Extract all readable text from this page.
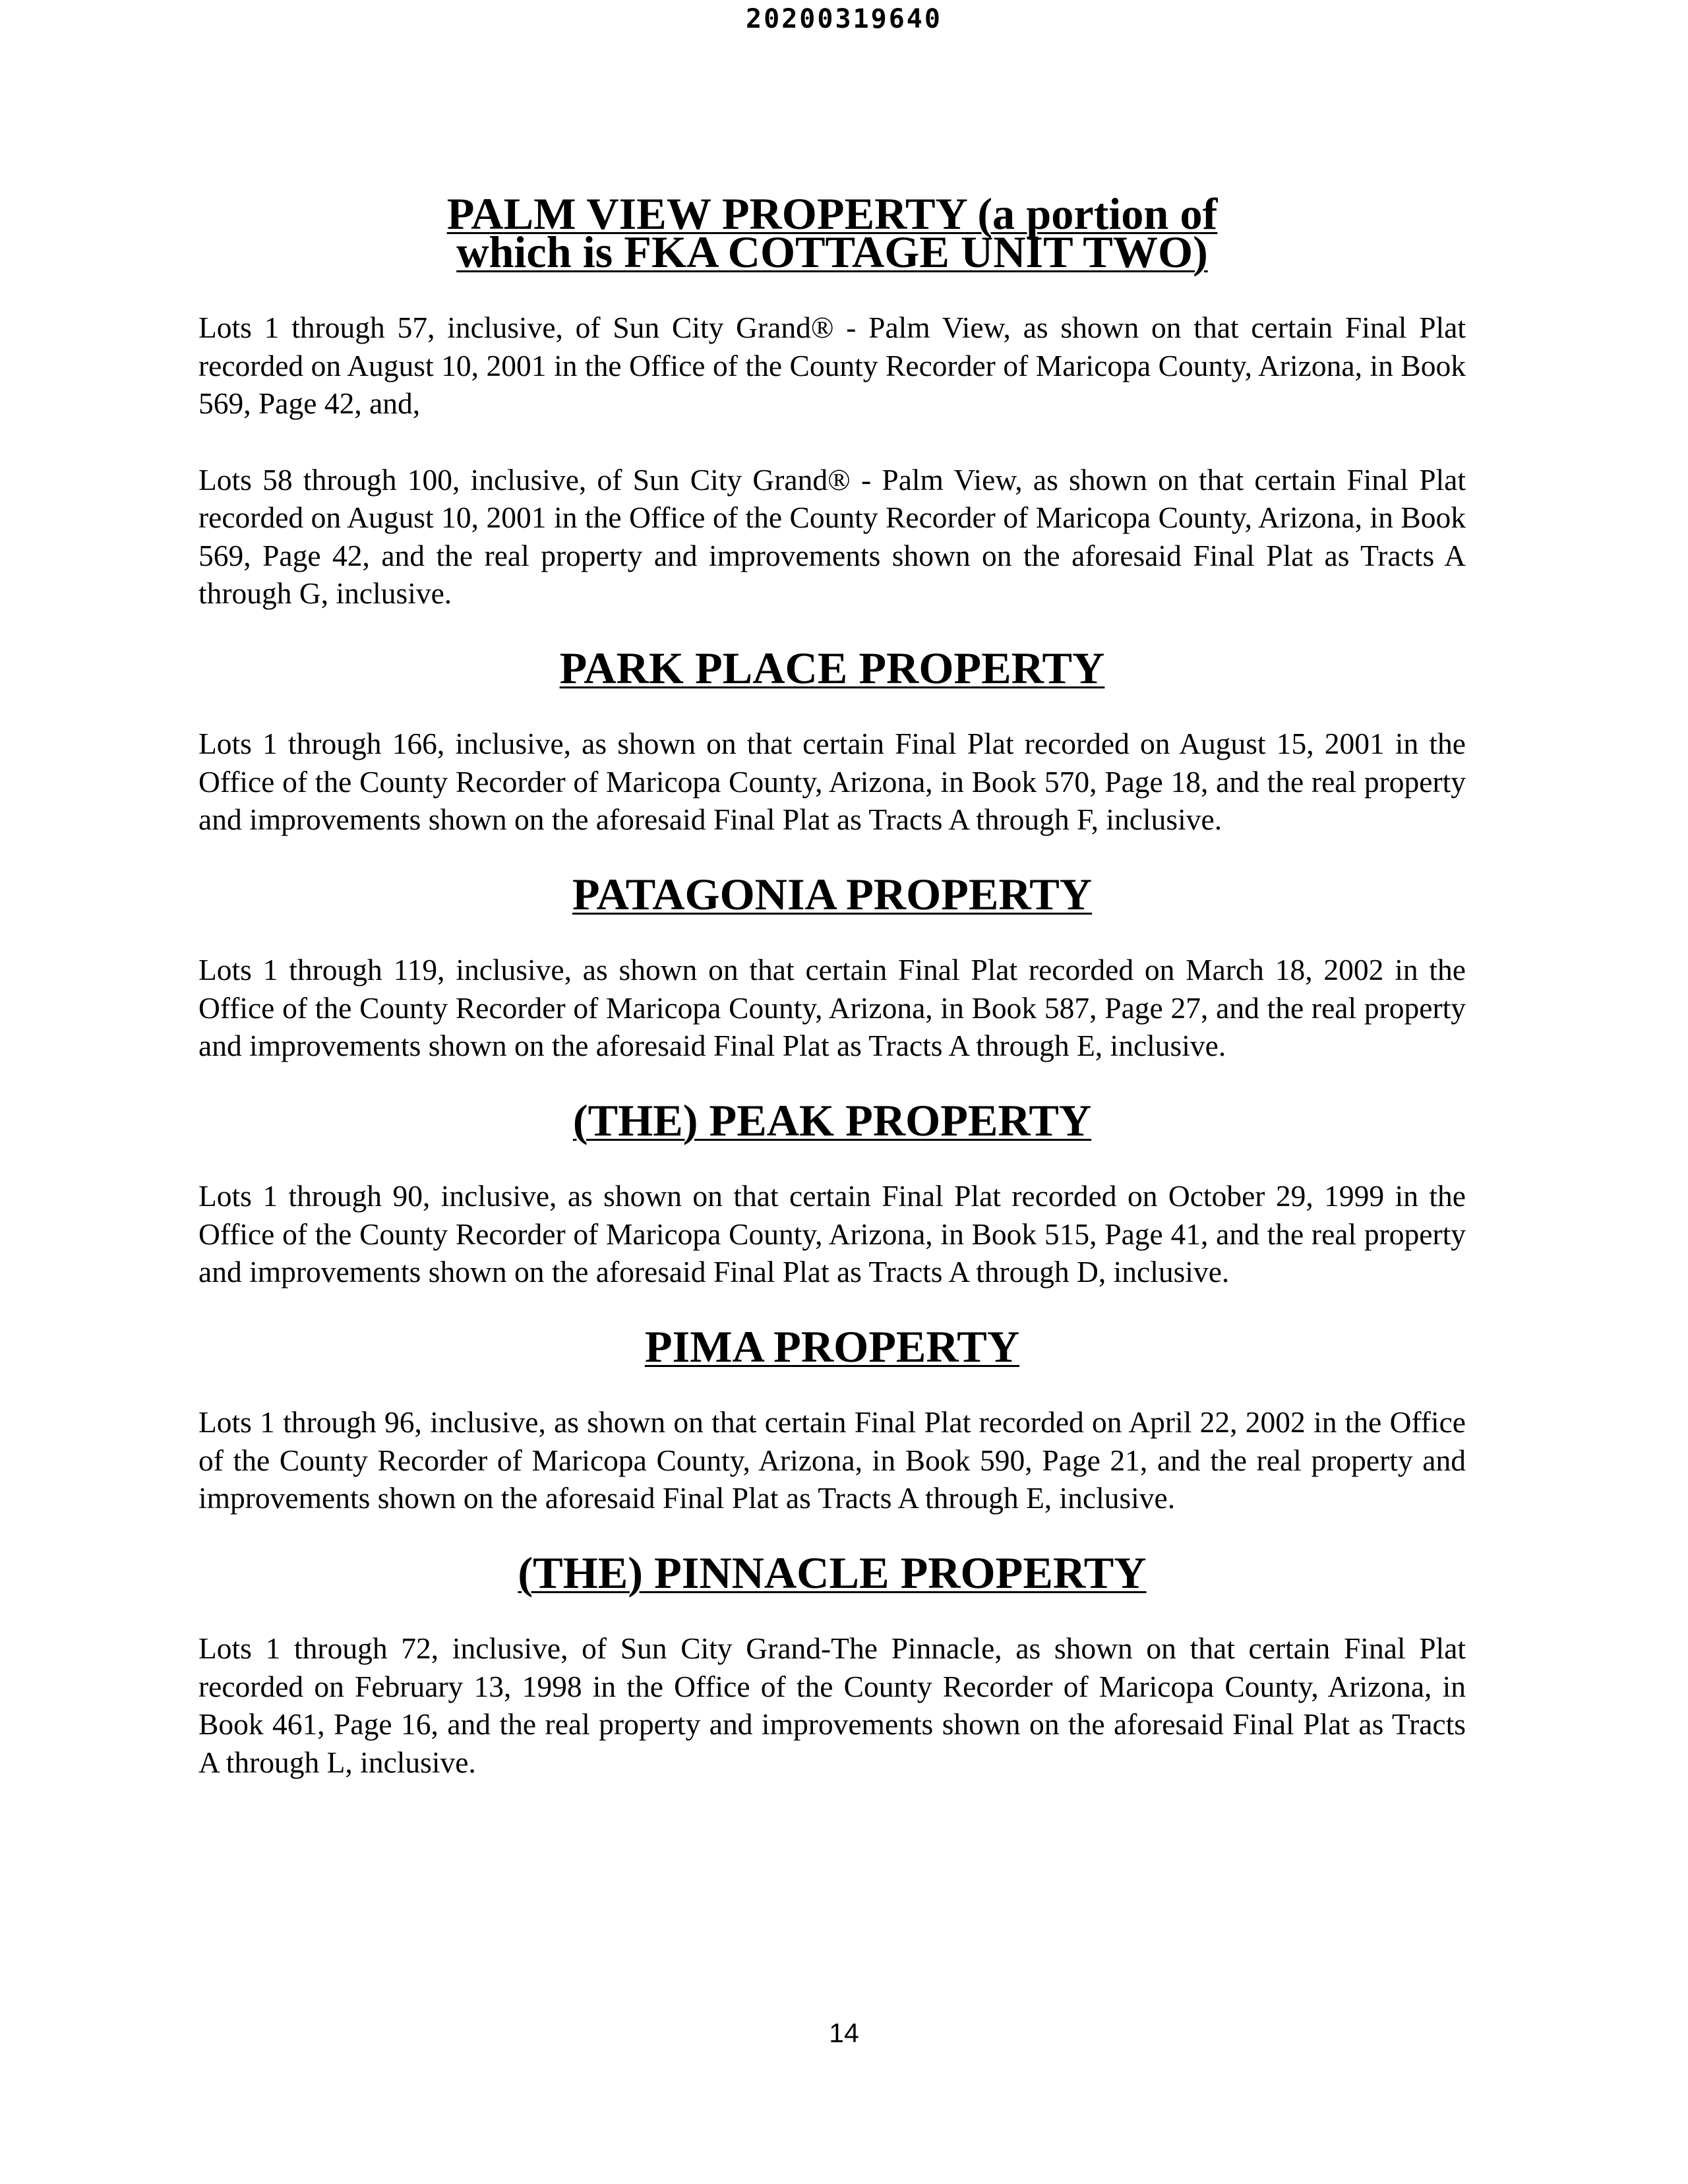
20200319640
PALM VIEW PROPERTY (a portion of
which is FKA COTTAGE UNIT TWO)

Lots 1 through 57, inclusive, of Sun City Grand® - Palm View, as shown on that certain Final Plat recorded on August 10, 2001 in the Office of the County Recorder of Maricopa County, Arizona, in Book 569, Page 42, and,

Lots 58 through 100, inclusive, of Sun City Grand® - Palm View, as shown on that certain Final Plat recorded on August 10, 2001 in the Office of the County Recorder of Maricopa County, Arizona, in Book 569, Page 42, and the real property and improvements shown on the aforesaid Final Plat as Tracts A through G, inclusive.

PARK PLACE PROPERTY

Lots 1 through 166, inclusive, as shown on that certain Final Plat recorded on August 15, 2001 in the Office of the County Recorder of Maricopa County, Arizona, in Book 570, Page 18, and the real property and improvements shown on the aforesaid Final Plat as Tracts A through F, inclusive.

PATAGONIA PROPERTY

Lots 1 through 119, inclusive, as shown on that certain Final Plat recorded on March 18, 2002 in the Office of the County Recorder of Maricopa County, Arizona, in Book 587, Page 27, and the real property and improvements shown on the aforesaid Final Plat as Tracts A through E, inclusive.

(THE) PEAK PROPERTY

Lots 1 through 90, inclusive, as shown on that certain Final Plat recorded on October 29, 1999 in the Office of the County Recorder of Maricopa County, Arizona, in Book 515, Page 41, and the real property and improvements shown on the aforesaid Final Plat as Tracts A through D, inclusive.

PIMA PROPERTY

Lots 1 through 96, inclusive, as shown on that certain Final Plat recorded on April 22, 2002 in the Office of the County Recorder of Maricopa County, Arizona, in Book 590, Page 21, and the real property and improvements shown on the aforesaid Final Plat as Tracts A through E, inclusive.

(THE) PINNACLE PROPERTY

Lots 1 through 72, inclusive, of Sun City Grand-The Pinnacle, as shown on that certain Final Plat recorded on February 13, 1998 in the Office of the County Recorder of Maricopa County, Arizona, in Book 461, Page 16, and the real property and improvements shown on the aforesaid Final Plat as Tracts A through L, inclusive.

14
